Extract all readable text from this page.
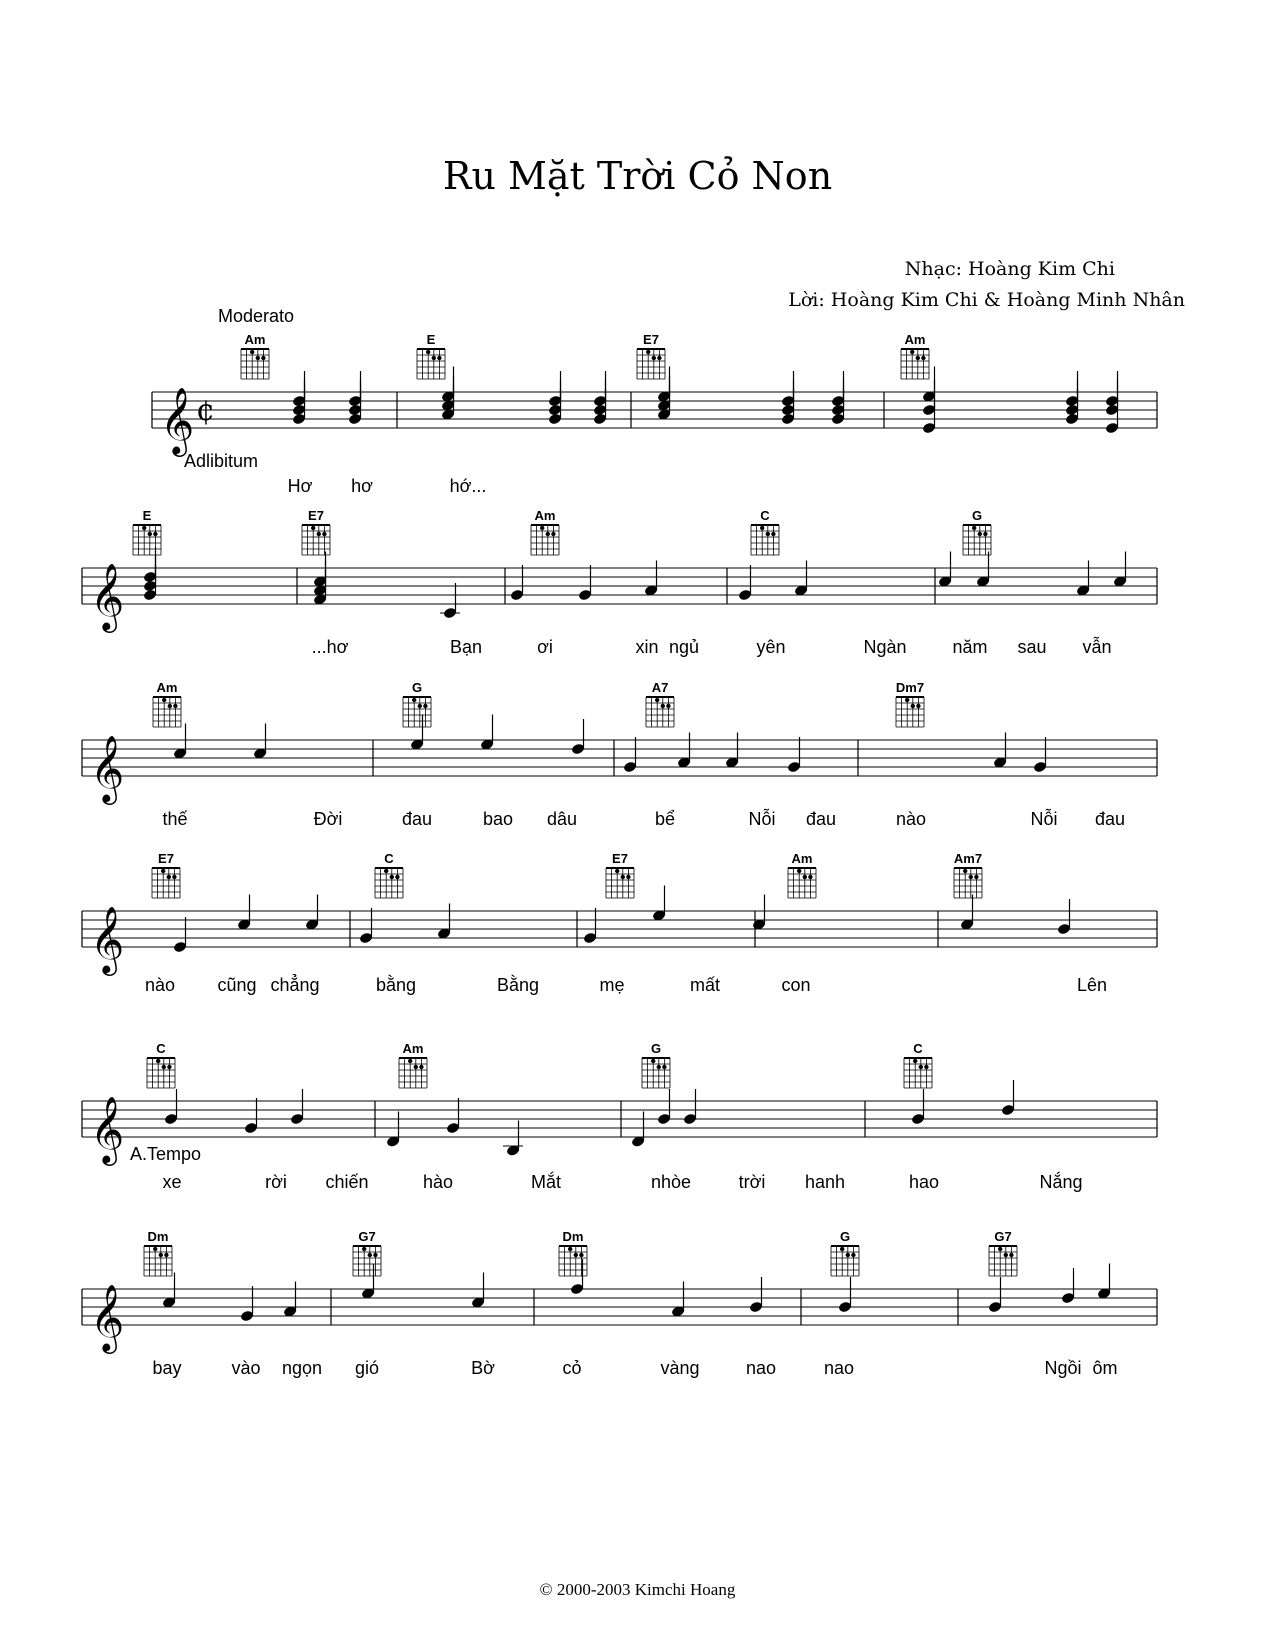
Ru Mặt Trời Cỏ Non
Nhạc: Hoàng Kim Chi
Lời: Hoàng Kim Chi & Hoàng Minh Nhân
Moderato
Adlibitum
A.Tempo
𝄞 ¢
Am	E	E7	Am
Hơ hơ	hớ...
𝄞
E	E7	Am	C	G
...hơ	Bạn	ơi	xin ngủ	yên	Ngàn	năm sau vẫn
𝄞
Am	G	A7	Dm7
thế	Đời	đau	bao dâu	bể	Nỗi đau	nào	Nỗi đau
𝄞
E7	C	E7	Am	Am7
nào cũng chẳng	bằng	Bằng	mẹ	mất	con	Lên
𝄞
C	Am	G	C
xe	rời chiến	hào	Mắt	nhòe	trời hanh	hao	Nắng
𝄞
Dm	G7	Dm	G	G7
bay	vào ngọn gió	Bờ	cỏ	vàng	nao	nao	Ngồi ôm
© 2000-2003 Kimchi Hoang
